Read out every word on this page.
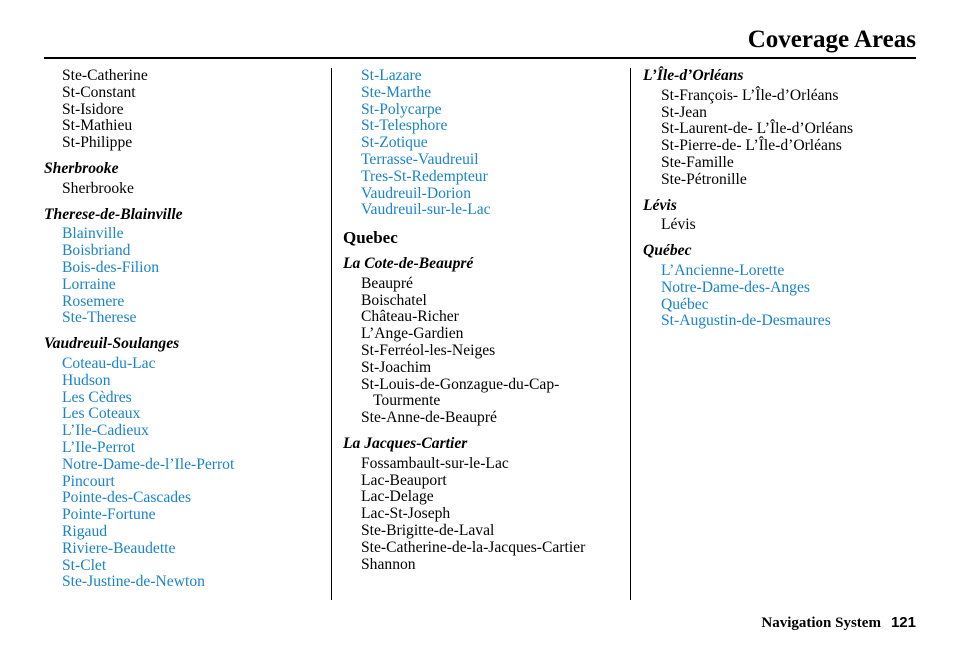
Coverage Areas
Ste-Catherine
St-Constant
St-Isidore
St-Mathieu
St-Philippe
Sherbrooke
Sherbrooke
Therese-de-Blainville
Blainville
Boisbriand
Bois-des-Filion
Lorraine
Rosemere
Ste-Therese
Vaudreuil-Soulanges
Coteau-du-Lac
Hudson
Les Cèdres
Les Coteaux
L’Ile-Cadieux
L’Ile-Perrot
Notre-Dame-de-l’Ile-Perrot
Pincourt
Pointe-des-Cascades
Pointe-Fortune
Rigaud
Riviere-Beaudette
St-Clet
Ste-Justine-de-Newton
St-Lazare
Ste-Marthe
St-Polycarpe
St-Telesphore
St-Zotique
Terrasse-Vaudreuil
Tres-St-Redempteur
Vaudreuil-Dorion
Vaudreuil-sur-le-Lac
Quebec
La Cote-de-Beaupré
Beaupré
Boischatel
Château-Richer
L’Ange-Gardien
St-Ferréol-les-Neiges
St-Joachim
St-Louis-de-Gonzague-du-Cap-Tourmente
Ste-Anne-de-Beaupré
La Jacques-Cartier
Fossambault-sur-le-Lac
Lac-Beauport
Lac-Delage
Lac-St-Joseph
Ste-Brigitte-de-Laval
Ste-Catherine-de-la-Jacques-Cartier
Shannon
L’Île-d’Orléans
St-François- L’Île-d’Orléans
St-Jean
St-Laurent-de- L’Île-d’Orléans
St-Pierre-de- L’Île-d’Orléans
Ste-Famille
Ste-Pétronille
Lévis
Lévis
Québec
L’Ancienne-Lorette
Notre-Dame-des-Anges
Québec
St-Augustin-de-Desmaures
Navigation System 121
